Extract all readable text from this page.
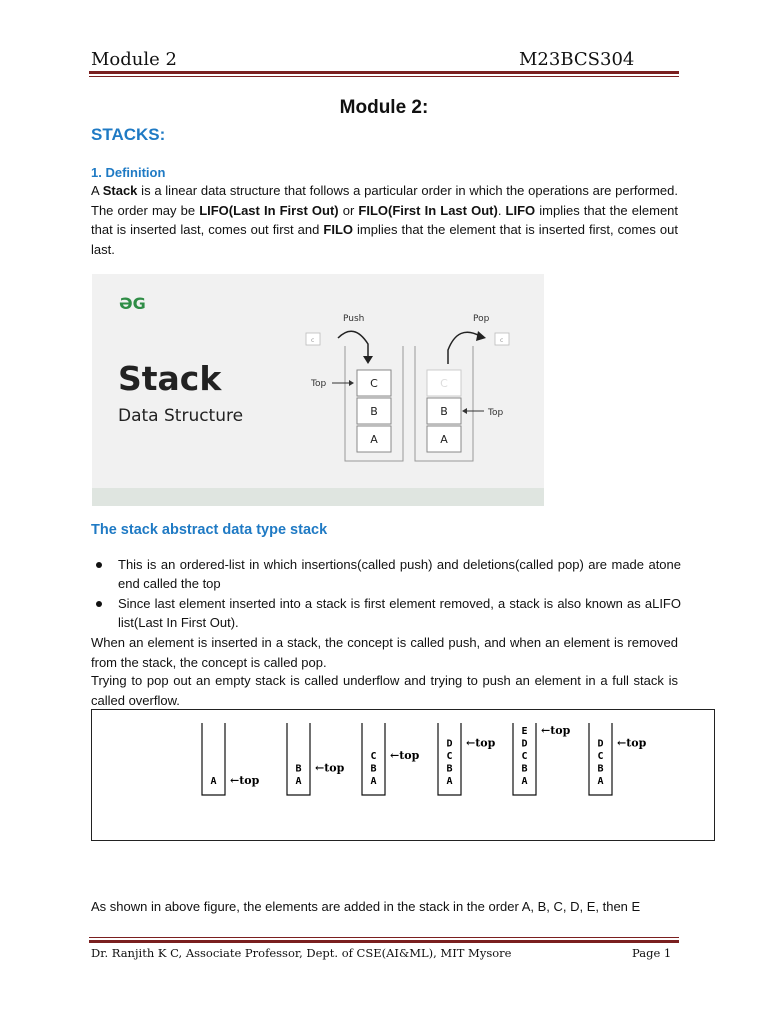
Module 2	M23BCS304
Module 2:
STACKS:
1. Definition
A Stack is a linear data structure that follows a particular order in which the operations are performed. The order may be LIFO(Last In First Out) or FILO(First In Last Out). LIFO implies that the element that is inserted last, comes out first and FILO implies that the element that is inserted first, comes out last.
ƏG
Stack
Data Structure
Push
c
C
B
A
Top
Pop
c
C
B
A
Top
The stack abstract data type stack
This is an ordered-list in which insertions(called push) and deletions(called pop) are made atone end called the top
Since last element inserted into a stack is first element removed, a stack is also known as aLIFO list(Last In First Out).
When an element is inserted in a stack, the concept is called push, and when an element is removed from the stack, the concept is called pop.
Trying to pop out an empty stack is called underflow and trying to push an element in a full stack is called overflow.
A ←top
B
A
←top
C
B
A
←top
D
C
B
A
←top
E
D
C
B
A
←top
D
C
B
A
←top
As shown in above figure, the elements are added in the stack in the order A, B, C, D, E, then E
Dr. Ranjith K C, Associate Professor, Dept. of CSE(AI&ML), MIT Mysore	Page 1
